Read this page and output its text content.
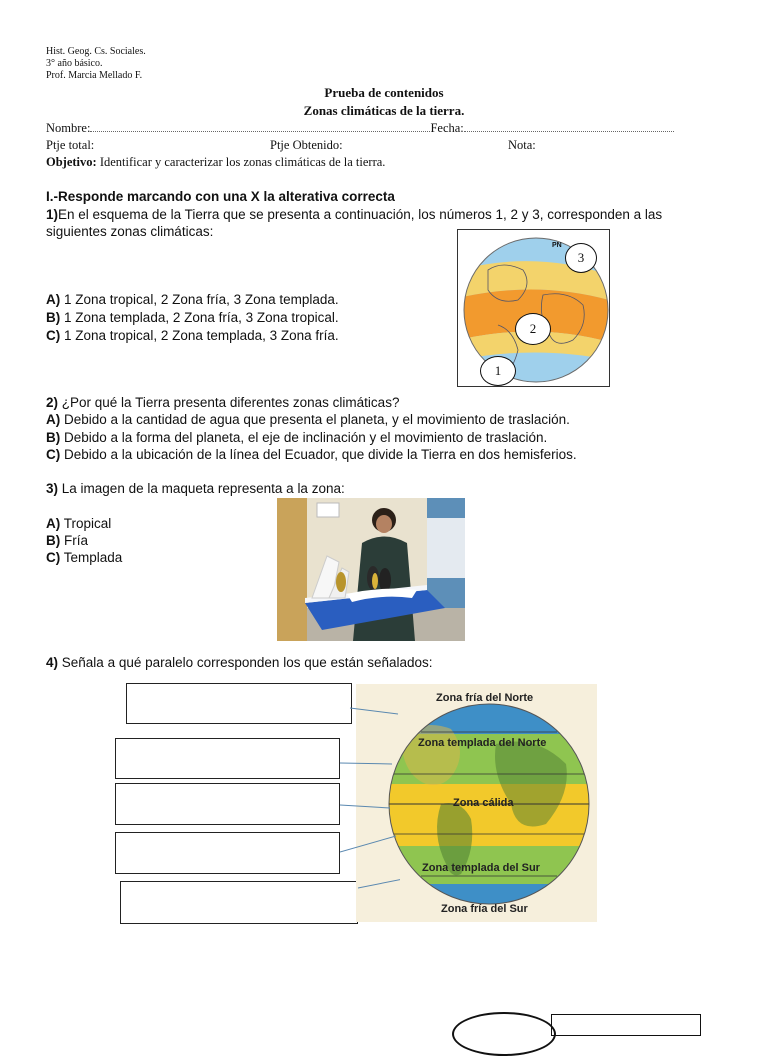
Hist. Geog. Cs. Sociales.
3° año básico.
Prof. Marcia Mellado F.
Prueba de contenidos
Zonas climáticas de la tierra.
Nombre:	Fecha:
Ptje total:	Ptje Obtenido:	Nota:
Objetivo: Identificar y caracterizar los zonas climáticas de la tierra.
I.-Responde marcando con una X la alterativa correcta
1)En el esquema de la Tierra que se presenta a continuación, los números 1, 2 y 3, corresponden a las siguientes zonas climáticas:
A) 1 Zona tropical, 2 Zona fría, 3 Zona templada.
B) 1 Zona templada, 2 Zona fría, 3 Zona tropical.
C) 1 Zona tropical, 2 Zona templada, 3 Zona fría.
PN
3
2
1
2) ¿Por qué la Tierra presenta diferentes zonas climáticas?
A) Debido a la cantidad de agua que presenta el planeta, y el movimiento de traslación.
B) Debido a la forma del planeta, el eje de inclinación y el movimiento de traslación.
C) Debido a la ubicación de la línea del Ecuador, que divide la Tierra en dos hemisferios.
3) La imagen de la maqueta representa a la zona:
A) Tropical
B) Fría
C) Templada
4) Señala a qué paralelo corresponden los que están señalados:
Zona fría del Norte
Zona templada del Norte
Zona cálida
Zona templada del Sur
Zona fría del Sur
